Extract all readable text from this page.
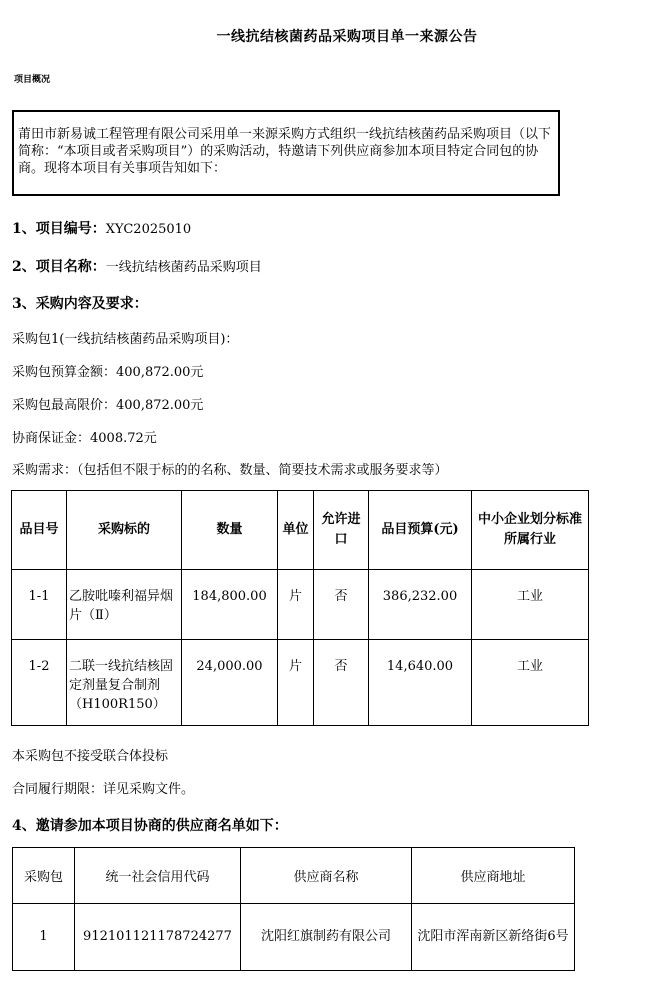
一线抗结核菌药品采购项目单一来源公告
项目概况
莆田市新易诚工程管理有限公司采用单一来源采购方式组织一线抗结核菌药品采购项目（以下简称：“本项目或者采购项目”）的采购活动，特邀请下列供应商参加本项目特定合同包的协商。现将本项目有关事项告知如下：
1、项目编号：XYC2025010
2、项目名称：一线抗结核菌药品采购项目
3、采购内容及要求：
采购包1(一线抗结核菌药品采购项目)：
采购包预算金额：400,872.00元
采购包最高限价：400,872.00元
协商保证金：4008.72元
采购需求：（包括但不限于标的的名称、数量、简要技术需求或服务要求等）
品目号	采购标的	数量	单位	允许进口	品目预算(元)	中小企业划分标准所属行业
1-1	乙胺吡嗪利福异烟片（Ⅱ）	184,800.00	片	否	386,232.00	工业
1-2	二联一线抗结核固定剂量复合制剂（H100R150）	24,000.00	片	否	14,640.00	工业
本采购包不接受联合体投标
合同履行期限：详见采购文件。
4、邀请参加本项目协商的供应商名单如下：
采购包	统一社会信用代码	供应商名称	供应商地址
1	912101121178724277	沈阳红旗制药有限公司	沈阳市浑南新区新络街6号
